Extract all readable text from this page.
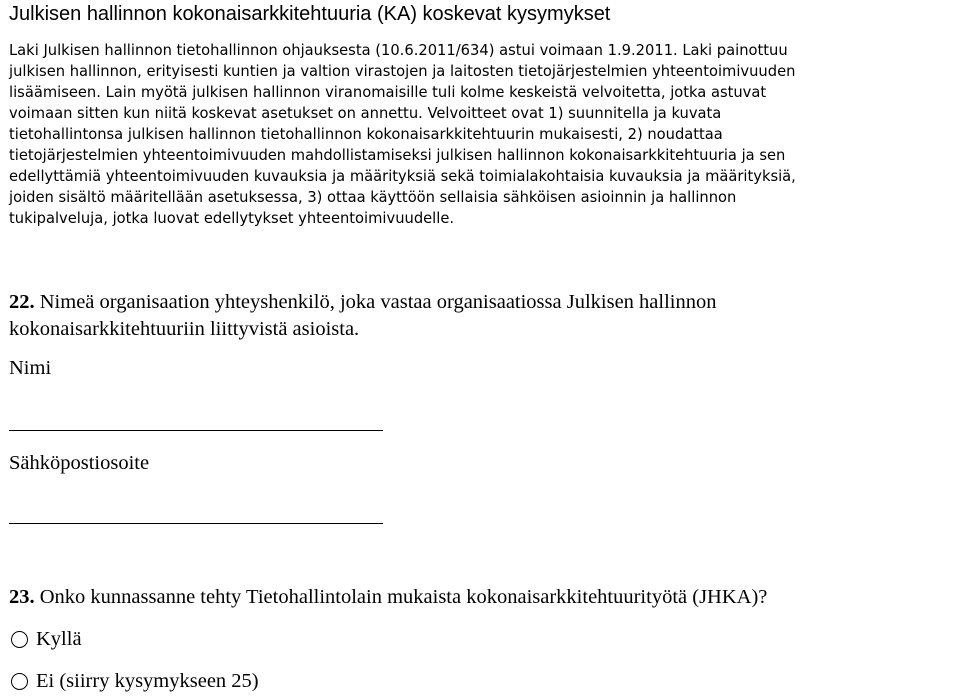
Julkisen hallinnon kokonaisarkkitehtuuria (KA) koskevat kysymykset
Laki Julkisen hallinnon tietohallinnon ohjauksesta (10.6.2011/634) astui voimaan 1.9.2011. Laki painottuu
julkisen hallinnon, erityisesti kuntien ja valtion virastojen ja laitosten tietojärjestelmien yhteentoimivuuden
lisäämiseen. Lain myötä julkisen hallinnon viranomaisille tuli kolme keskeistä velvoitetta, jotka astuvat
voimaan sitten kun niitä koskevat asetukset on annettu. Velvoitteet ovat 1) suunnitella ja kuvata
tietohallintonsa julkisen hallinnon tietohallinnon kokonaisarkkitehtuurin mukaisesti, 2) noudattaa
tietojärjestelmien yhteentoimivuuden mahdollistamiseksi julkisen hallinnon kokonaisarkkitehtuuria ja sen
edellyttämiä yhteentoimivuuden kuvauksia ja määrityksiä sekä toimialakohtaisia kuvauksia ja määrityksiä,
joiden sisältö määritellään asetuksessa, 3) ottaa käyttöön sellaisia sähköisen asioinnin ja hallinnon
tukipalveluja, jotka luovat edellytykset yhteentoimivuudelle.
22. Nimeä organisaation yhteyshenkilö, joka vastaa organisaatiossa Julkisen hallinnon
kokonaisarkkitehtuuriin liittyvistä asioista.
Nimi
Sähköpostiosoite
23. Onko kunnassanne tehty Tietohallintolain mukaista kokonaisarkkitehtuurityötä (JHKA)?
Kyllä
Ei (siirry kysymykseen 25)
